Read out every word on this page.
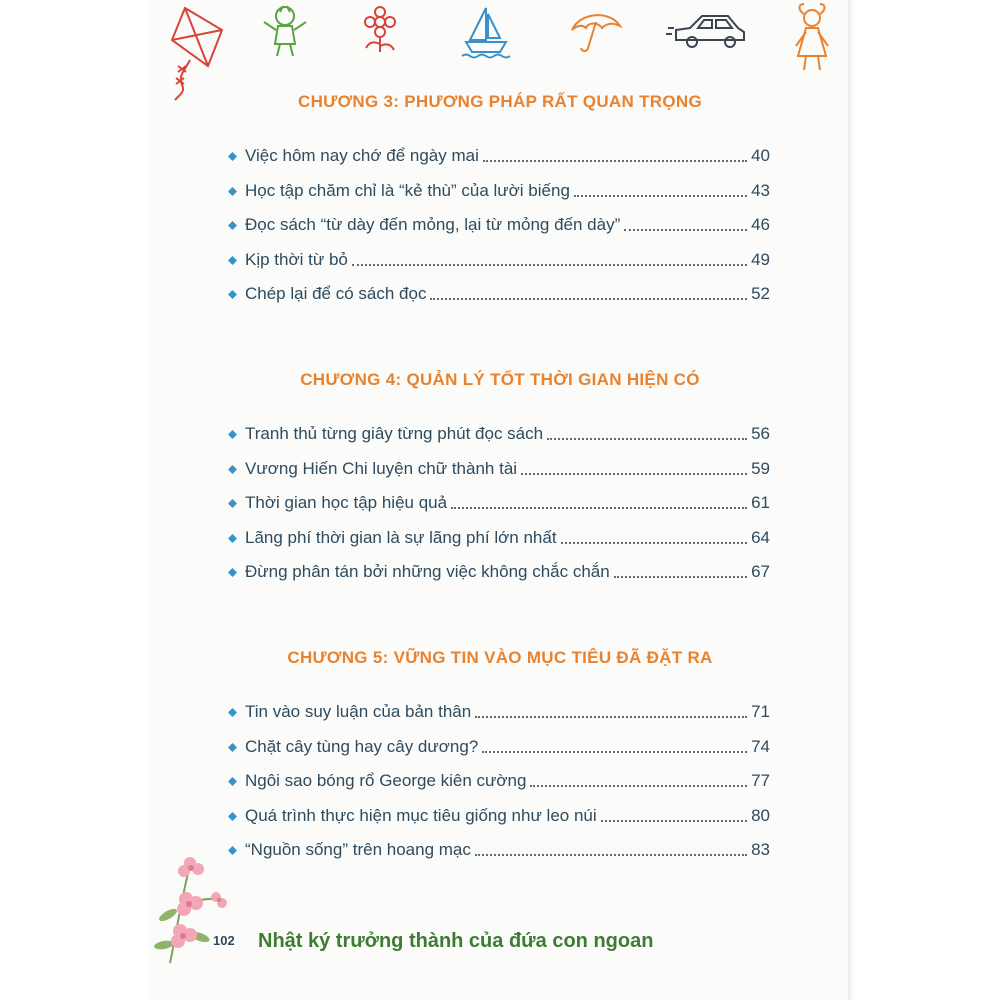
CHƯƠNG 3: PHƯƠNG PHÁP RẤT QUAN TRỌNG
Việc hôm nay chớ để ngày mai	40
Học tập chăm chỉ là “kẻ thù” của lười biếng	43
Đọc sách “từ dày đến mỏng, lại từ mỏng đến dày”	46
Kịp thời từ bỏ	49
Chép lại để có sách đọc	52
CHƯƠNG 4: QUẢN LÝ TỐT THỜI GIAN HIỆN CÓ
Tranh thủ từng giây từng phút đọc sách	56
Vương Hiến Chi luyện chữ thành tài	59
Thời gian học tập hiệu quả	61
Lãng phí thời gian là sự lãng phí lớn nhất	64
Đừng phân tán bởi những việc không chắc chắn	67
CHƯƠNG 5: VỮNG TIN VÀO MỤC TIÊU ĐÃ ĐẶT RA
Tin vào suy luận của bản thân	71
Chặt cây tùng hay cây dương?	74
Ngôi sao bóng rổ George kiên cường	77
Quá trình thực hiện mục tiêu giống như leo núi	80
“Nguồn sống” trên hoang mạc	83
102 Nhật ký trưởng thành của đứa con ngoan
